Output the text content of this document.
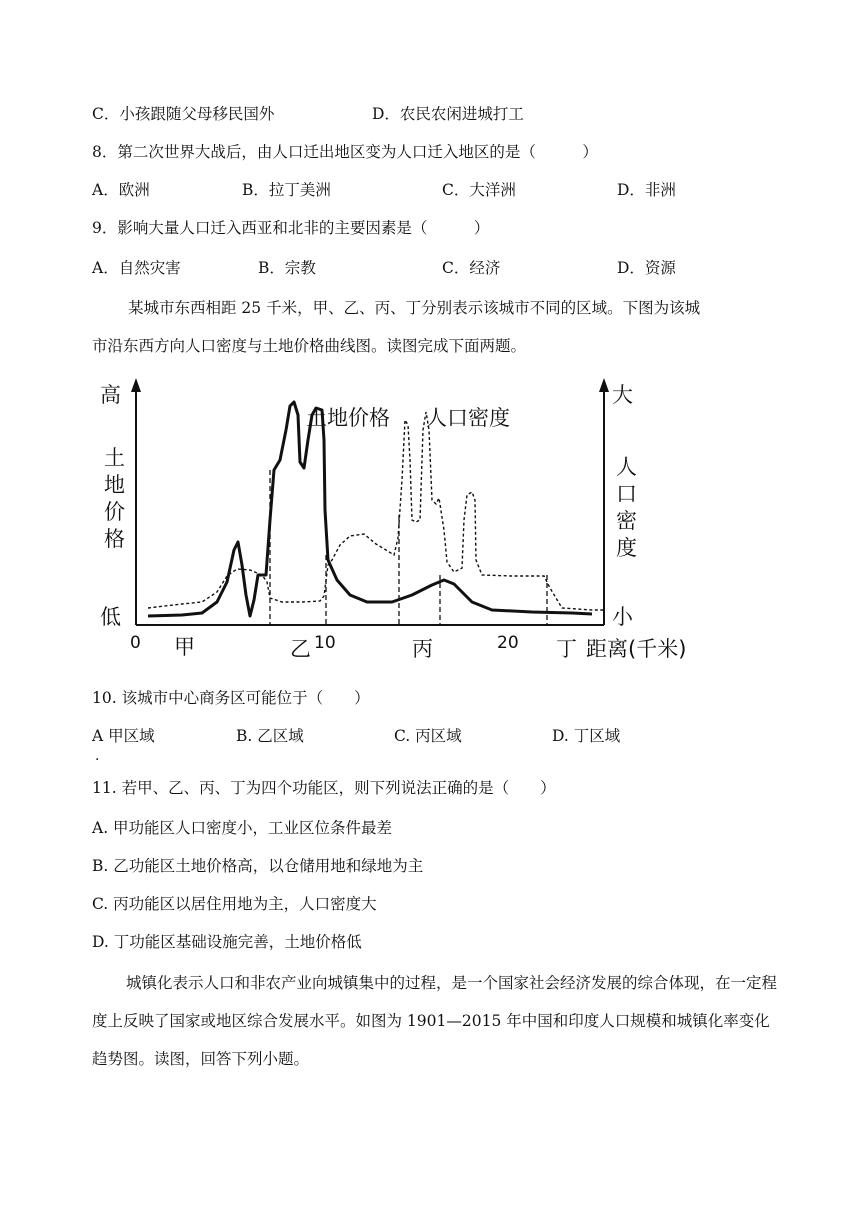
C．小孩跟随父母移民国外	D．农民农闲进城打工
8．第二次世界大战后，由人口迁出地区变为人口迁入地区的是（　　　）
A．欧洲	B．拉丁美洲	C．大洋洲	D．非洲
9．影响大量人口迁入西亚和北非的主要因素是（　　　）
A．自然灾害	B．宗教	C．经济	D．资源
某城市东西相距 25 千米，甲、乙、丙、丁分别表示该城市不同的区域。下图为该城
市沿东西方向人口密度与土地价格曲线图。读图完成下面两题。
高
土
地
价
格
低
大
人
口
密
度
小
土地价格 人口密度
0	10	20
甲	乙	丙	丁 距离(千米)
10. 该城市中心商务区可能位于（　　）
A 甲区域
·
B. 乙区域	C. 丙区域	D. 丁区域
11. 若甲、乙、丙、丁为四个功能区，则下列说法正确的是（　　）
A. 甲功能区人口密度小，工业区位条件最差
B. 乙功能区土地价格高，以仓储用地和绿地为主
C. 丙功能区以居住用地为主，人口密度大
D. 丁功能区基础设施完善，土地价格低
城镇化表示人口和非农产业向城镇集中的过程，是一个国家社会经济发展的综合体现，在一定程度上反映了国家或地区综合发展水平。如图为 1901—2015 年中国和印度人口规模和城镇化率变化趋势图。读图，回答下列小题。
